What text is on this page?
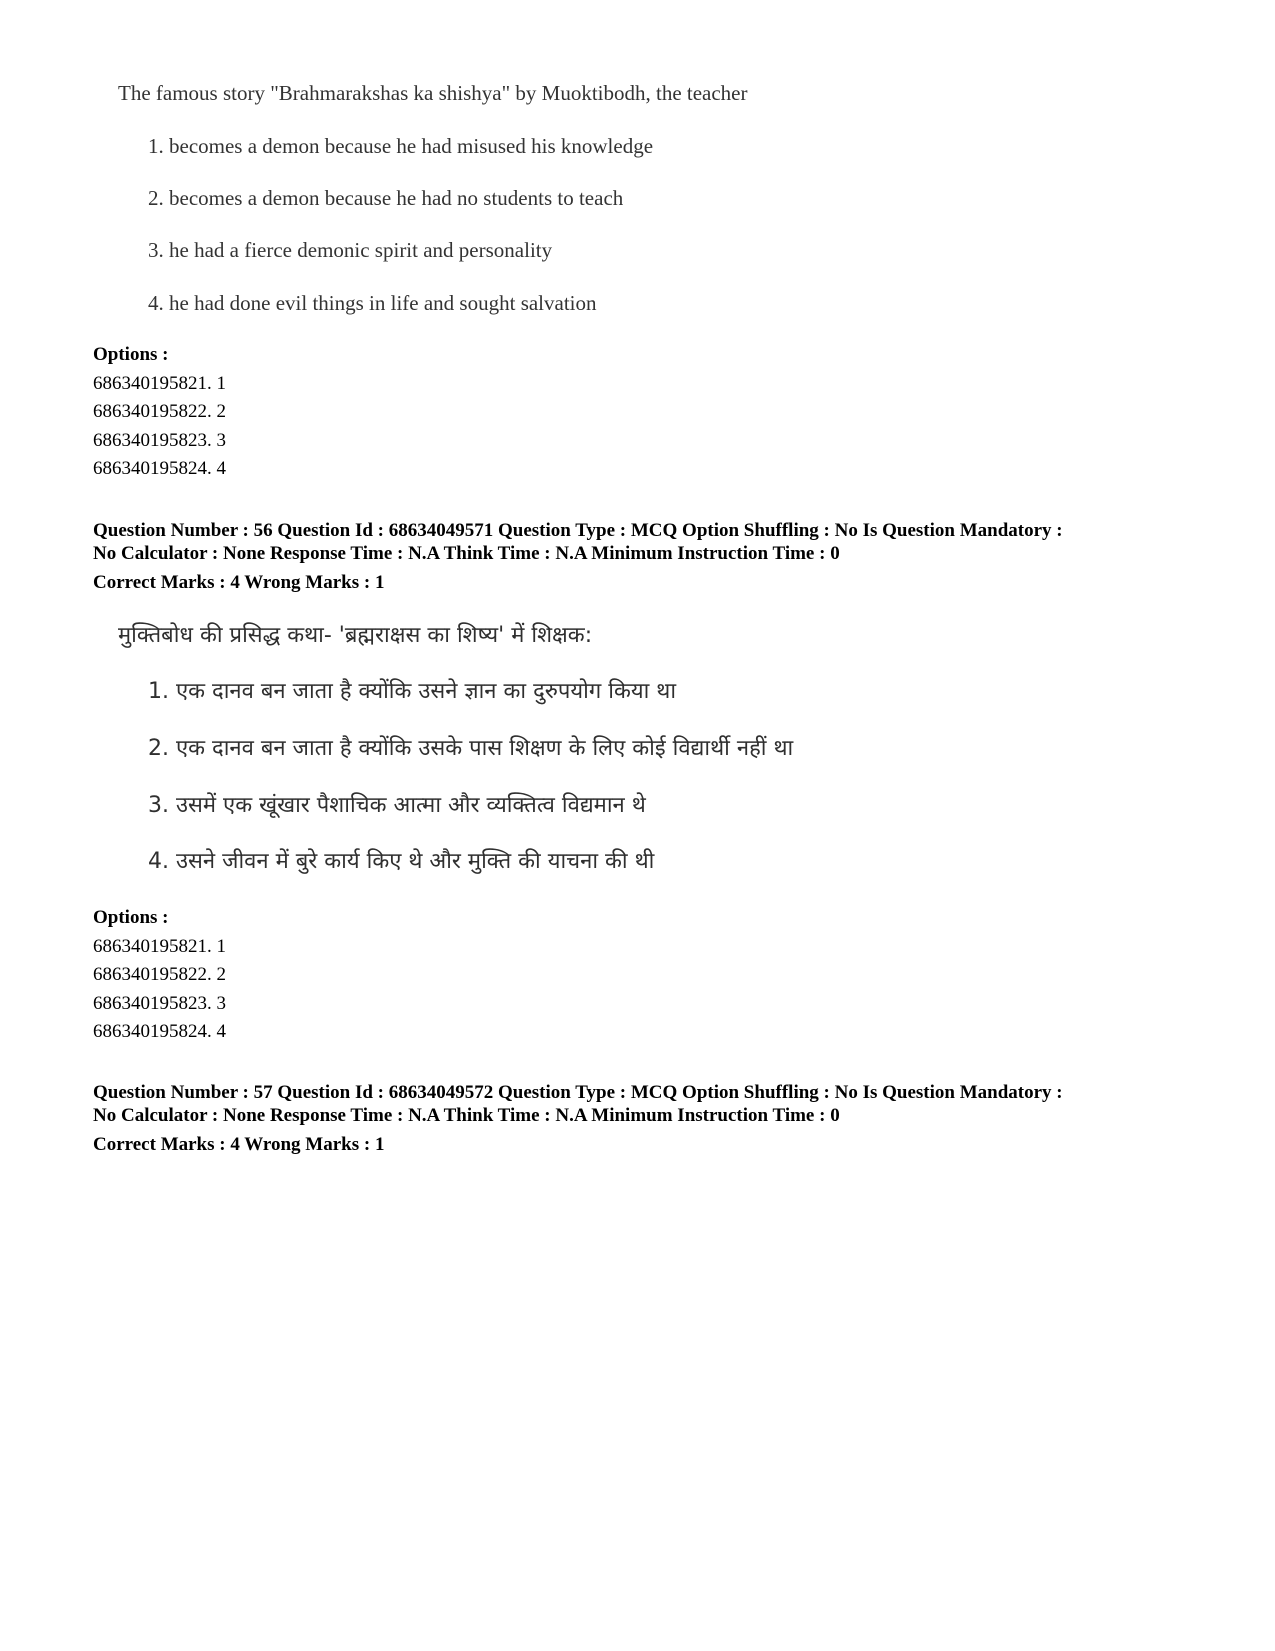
The famous story "Brahmarakshas ka shishya" by Muoktibodh, the teacher
1. becomes a demon because he had misused his knowledge
2. becomes a demon because he had no students to teach
3. he had a fierce demonic spirit and personality
4. he had done evil things in life and sought salvation
Options :
686340195821. 1
686340195822. 2
686340195823. 3
686340195824. 4
Question Number : 56 Question Id : 68634049571 Question Type : MCQ Option Shuffling : No Is Question Mandatory :
No Calculator : None Response Time : N.A Think Time : N.A Minimum Instruction Time : 0
Correct Marks : 4 Wrong Marks : 1
मुक्तिबोध की प्रसिद्ध कथा- 'ब्रह्मराक्षस का शिष्य' में शिक्षक:
1. एक दानव बन जाता है क्योंकि उसने ज्ञान का दुरुपयोग किया था
2. एक दानव बन जाता है क्योंकि उसके पास शिक्षण के लिए कोई विद्यार्थी नहीं था
3. उसमें एक खूंखार पैशाचिक आत्मा और व्यक्तित्व विद्यमान थे
4. उसने जीवन में बुरे कार्य किए थे और मुक्ति की याचना की थी
Options :
686340195821. 1
686340195822. 2
686340195823. 3
686340195824. 4
Question Number : 57 Question Id : 68634049572 Question Type : MCQ Option Shuffling : No Is Question Mandatory :
No Calculator : None Response Time : N.A Think Time : N.A Minimum Instruction Time : 0
Correct Marks : 4 Wrong Marks : 1
